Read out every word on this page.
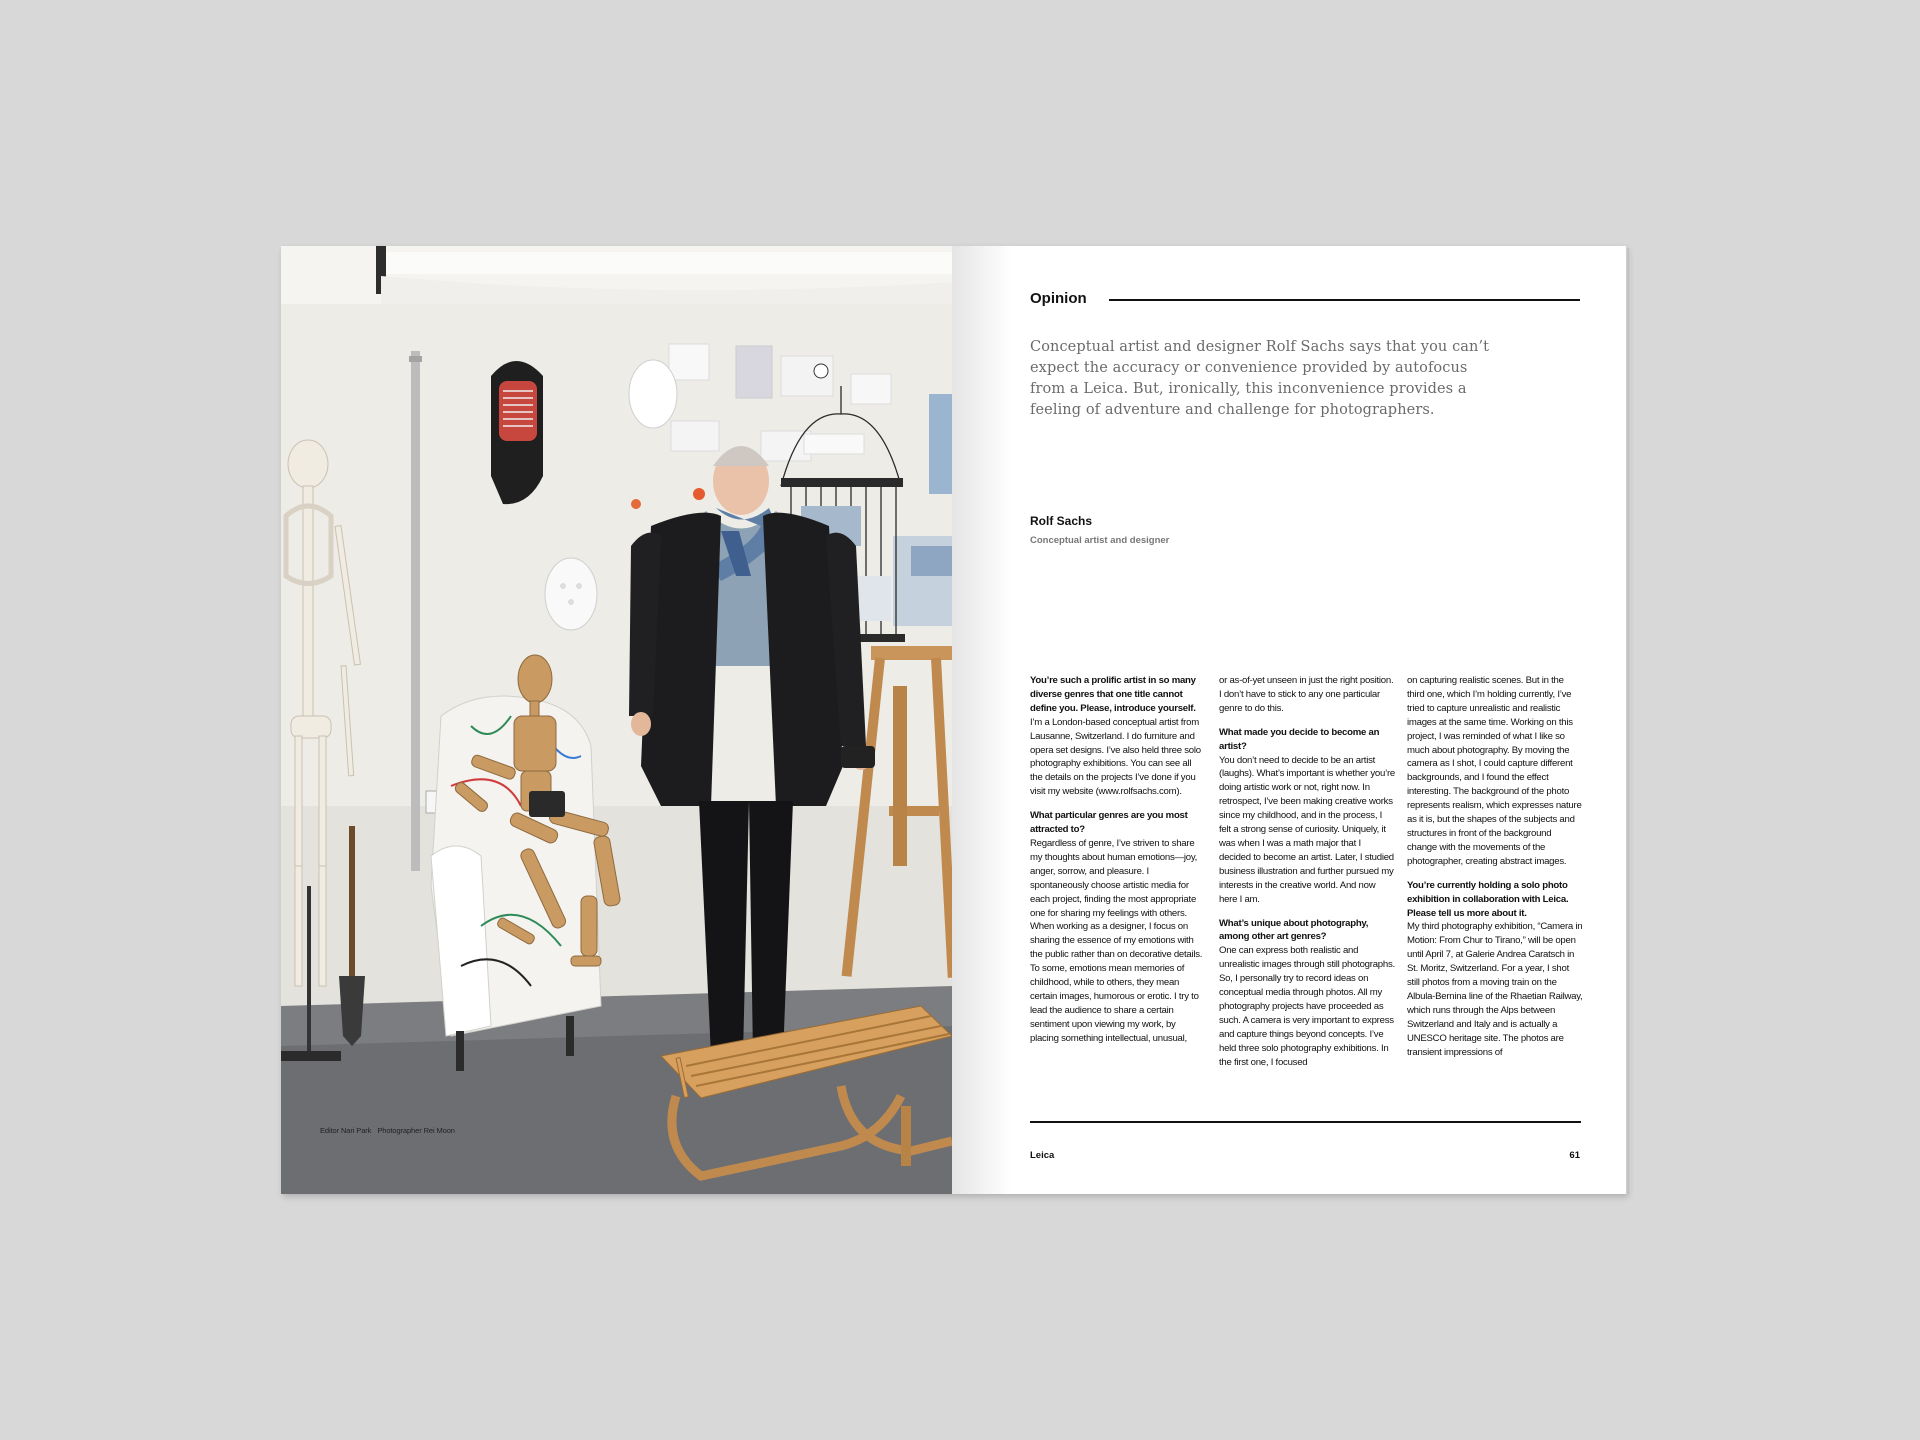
Editor Nari Park Photographer Rei Moon
Opinion
Conceptual artist and designer Rolf Sachs says that you can’t expect the accuracy or convenience provided by autofocus from a Leica. But, ironically, this inconvenience provides a feeling of adventure and challenge for photographers.
Rolf Sachs
Conceptual artist and designer

You’re such a prolific artist in so many diverse genres that one title cannot define you. Please, introduce yourself.

I’m a London-based conceptual artist from Lausanne, Switzerland. I do furniture and opera set designs. I’ve also held three solo photography exhibitions. You can see all the details on the projects I’ve done if you visit my website (www.rolfsachs.com).

What particular genres are you most attracted to?

Regardless of genre, I’ve striven to share my thoughts about human emotions—joy, anger, sorrow, and pleasure. I spontaneously choose artistic media for each project, finding the most appropriate one for sharing my feelings with others. When working as a designer, I focus on sharing the essence of my emotions with the public rather than on decorative details. To some, emotions mean memories of childhood, while to others, they mean certain images, humorous or erotic. I try to lead the audience to share a certain sentiment upon viewing my work, by placing something intellectual, unusual,

or as-of-yet unseen in just the right position. I don’t have to stick to any one particular genre to do this.

What made you decide to become an artist?

You don’t need to decide to be an artist (laughs). What’s important is whether you’re doing artistic work or not, right now. In retrospect, I’ve been making creative works since my childhood, and in the process, I felt a strong sense of curiosity. Uniquely, it was when I was a math major that I decided to become an artist. Later, I studied business illustration and further pursued my interests in the creative world. And now here I am.

What’s unique about photography, among other art genres?

One can express both realistic and unrealistic images through still photographs. So, I personally try to record ideas on conceptual media through photos. All my photography projects have proceeded as such. A camera is very important to express and capture things beyond concepts. I’ve held three solo photography exhibitions. In the first one, I focused

on capturing realistic scenes. But in the third one, which I’m holding currently, I’ve tried to capture unrealistic and realistic images at the same time. Working on this project, I was reminded of what I like so much about photography. By moving the camera as I shot, I could capture different backgrounds, and I found the effect interesting. The background of the photo represents realism, which expresses nature as it is, but the shapes of the subjects and structures in front of the background change with the movements of the photographer, creating abstract images.

You’re currently holding a solo photo exhibition in collaboration with Leica. Please tell us more about it.

My third photography exhibition, “Camera in Motion: From Chur to Tirano,” will be open until April 7, at Galerie Andrea Caratsch in St. Moritz, Switzerland. For a year, I shot still photos from a moving train on the Albula-Bernina line of the Rhaetian Railway, which runs through the Alps between Switzerland and Italy and is actually a UNESCO heritage site. The photos are transient impressions of

Leica	61
